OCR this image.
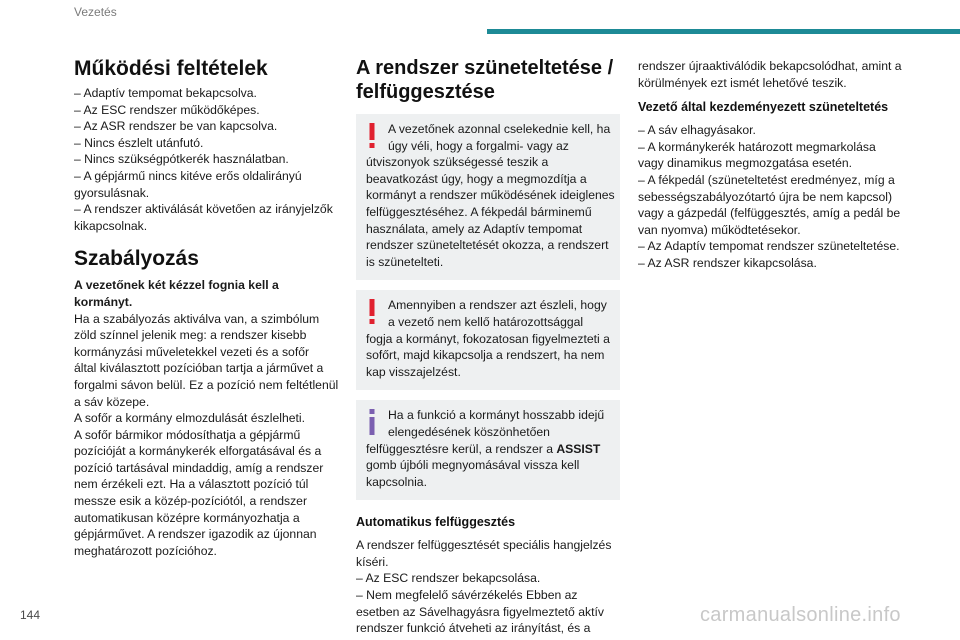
Vezetés
Működési feltételek
– Adaptív tempomat bekapcsolva.
– Az ESC rendszer működőképes.
– Az ASR rendszer be van kapcsolva.
– Nincs észlelt utánfutó.
– Nincs szükségpótkerék használatban.
– A gépjármű nincs kitéve erős oldalirányú
gyorsulásnak.
– A rendszer aktiválását követően az irányjelzők
kikapcsolnak.
Szabályozás
A vezetőnek két kézzel fognia kell a
kormányt.
Ha a szabályozás aktiválva van, a szimbólum
zöld színnel jelenik meg: a rendszer kisebb
kormányzási műveletekkel vezeti és a sofőr
által kiválasztott pozícióban tartja a járművet a
forgalmi sávon belül. Ez a pozíció nem feltétlenül
a sáv közepe.
A sofőr a kormány elmozdulását észlelheti.
A sofőr bármikor módosíthatja a gépjármű
pozícióját a kormánykerék elforgatásával és a
pozíció tartásával mindaddig, amíg a rendszer
nem érzékeli ezt. Ha a választott pozíció túl
messze esik a közép-pozíciótól, a rendszer
automatikusan középre kormányozhatja a
gépjárművet. A rendszer igazodik az újonnan
meghatározott pozícióhoz.
A rendszer szüneteltetése /
felfüggesztése
A vezetőnek azonnal cselekednie kell, ha
úgy véli, hogy a forgalmi- vagy az
útviszonyok szükségessé teszik a
beavatkozást úgy, hogy a megmozdítja a
kormányt a rendszer működésének ideiglenes
felfüggesztéséhez. A fékpedál bárminemű
használata, amely az Adaptív tempomat
rendszer szüneteltetését okozza, a rendszert
is szünetelteti.
Amennyiben a rendszer azt észleli, hogy
a vezető nem kellő határozottsággal
fogja a kormányt, fokozatosan figyelmezteti a
sofőrt, majd kikapcsolja a rendszert, ha nem
kap visszajelzést.
Ha a funkció a kormányt hosszabb idejű
elengedésének köszönhetően
felfüggesztésre kerül, a rendszer a ASSIST
gomb újbóli megnyomásával vissza kell
kapcsolnia.
Automatikus felfüggesztés
A rendszer felfüggesztését speciális hangjelzés
kíséri.
– Az ESC rendszer bekapcsolása.
– Nem megfelelő sávérzékelés Ebben az
esetben az Sávelhagyásra figyelmeztető aktív
rendszer funkció átveheti az irányítást, és a
rendszer újraaktiválódik bekapcsolódhat, amint a
körülmények ezt ismét lehetővé teszik.
Vezető által kezdeményezett szüneteltetés
– A sáv elhagyásakor.
– A kormánykerék határozott megmarkolása
vagy dinamikus megmozgatása esetén.
– A fékpedál (szüneteltetést eredményez, míg a
sebességszabályozótartó újra be nem kapcsol)
vagy a gázpedál (felfüggesztés, amíg a pedál be
van nyomva) működtetésekor.
– Az Adaptív tempomat rendszer szüneteltetése.
– Az ASR rendszer kikapcsolása.
144	carmanualsonline.info
